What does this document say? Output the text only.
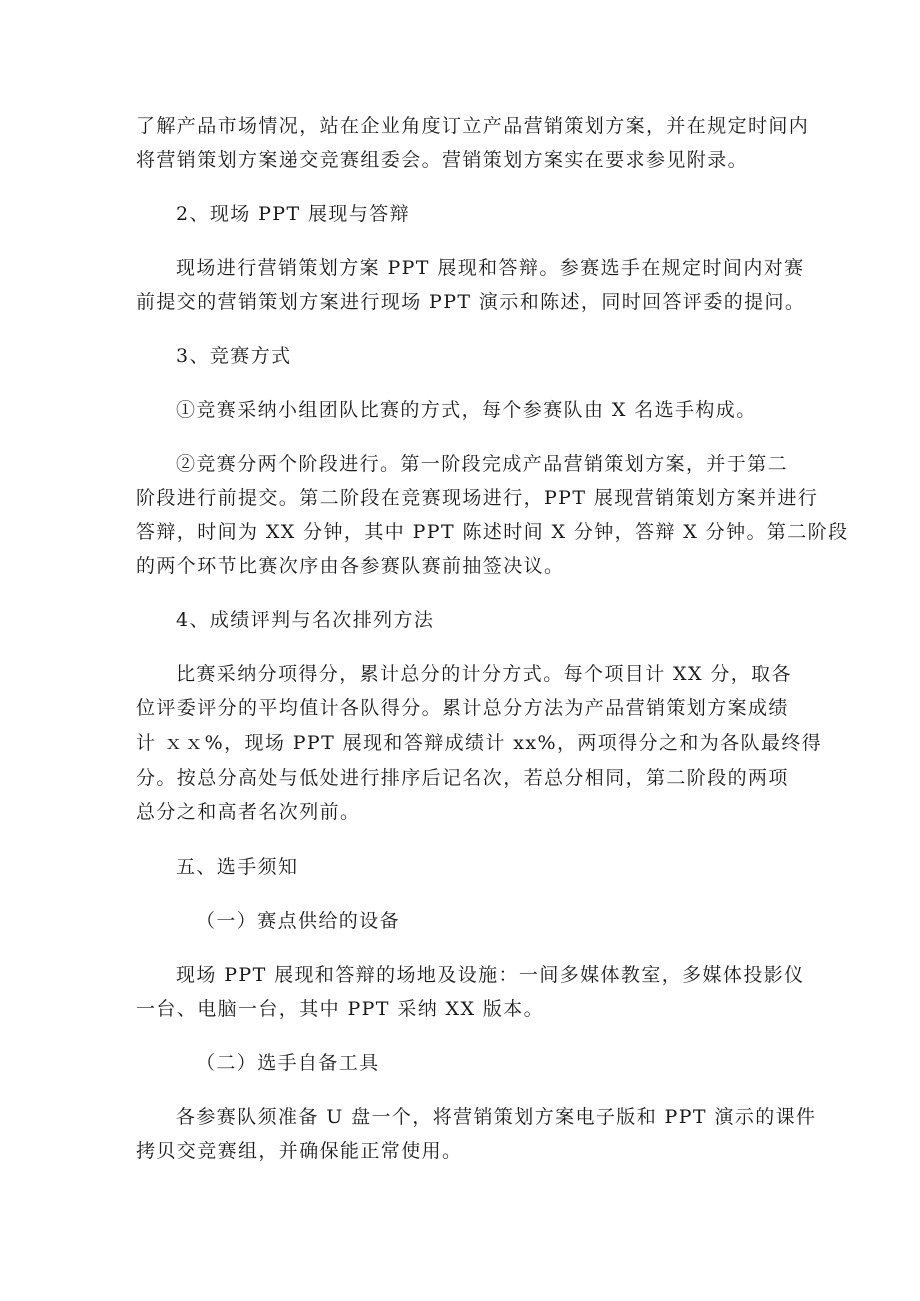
了解产品市场情况，站在企业角度订立产品营销策划方案，并在规定时间内
将营销策划方案递交竞赛组委会。营销策划方案实在要求参见附录。
2、现场 PPT 展现与答辩
现场进行营销策划方案 PPT 展现和答辩。参赛选手在规定时间内对赛
前提交的营销策划方案进行现场 PPT 演示和陈述，同时回答评委的提问。
3、竞赛方式
①竞赛采纳小组团队比赛的方式，每个参赛队由 X 名选手构成。
②竞赛分两个阶段进行。第一阶段完成产品营销策划方案，并于第二
阶段进行前提交。第二阶段在竞赛现场进行，PPT 展现营销策划方案并进行
答辩，时间为 XX 分钟，其中 PPT 陈述时间 X 分钟，答辩 X 分钟。第二阶段
的两个环节比赛次序由各参赛队赛前抽签决议。
4、成绩评判与名次排列方法
比赛采纳分项得分，累计总分的计分方式。每个项目计 XX 分，取各
位评委评分的平均值计各队得分。累计总分方法为产品营销策划方案成绩
计 ｘｘ%，现场 PPT 展现和答辩成绩计 xx%，两项得分之和为各队最终得
分。按总分高处与低处进行排序后记名次，若总分相同，第二阶段的两项
总分之和高者名次列前。
五、选手须知
（一）赛点供给的设备
现场 PPT 展现和答辩的场地及设施：一间多媒体教室，多媒体投影仪
一台、电脑一台，其中 PPT 采纳 XX 版本。
（二）选手自备工具
各参赛队须准备 U 盘一个，将营销策划方案电子版和 PPT 演示的课件
拷贝交竞赛组，并确保能正常使用。
